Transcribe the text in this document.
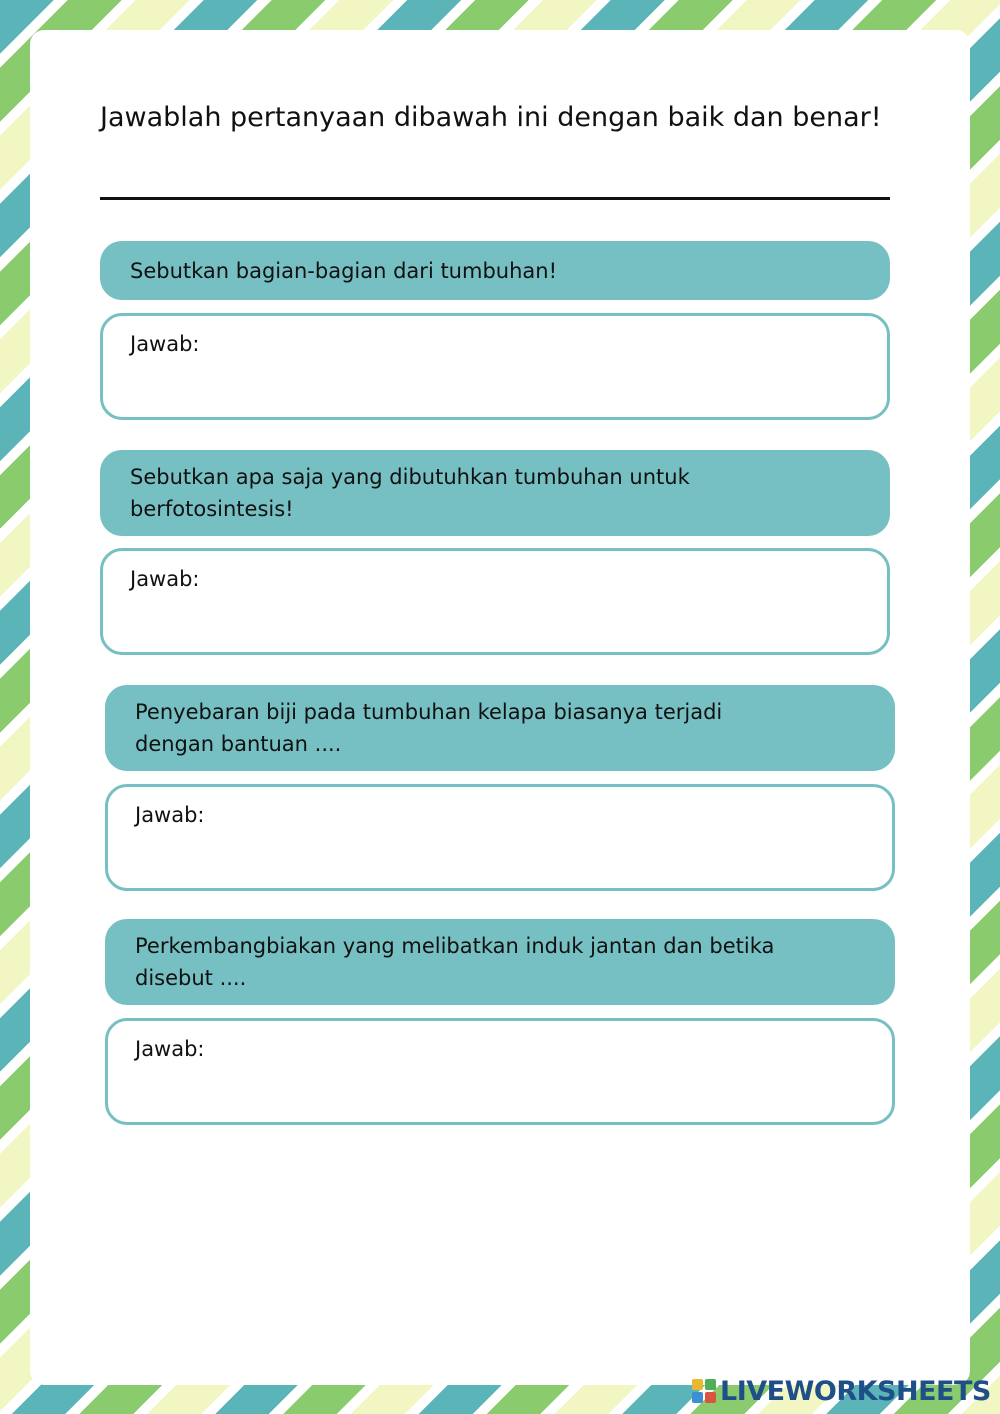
Jawablah pertanyaan dibawah ini dengan baik dan benar!
Sebutkan bagian-bagian dari tumbuhan!
Jawab:
Sebutkan apa saja yang dibutuhkan tumbuhan untuk berfotosintesis!
Jawab:
Penyebaran biji pada tumbuhan kelapa biasanya terjadi dengan bantuan ....
Jawab:
Perkembangbiakan yang melibatkan induk jantan dan betika disebut ....
Jawab:
LIVEWORKSHEETS
